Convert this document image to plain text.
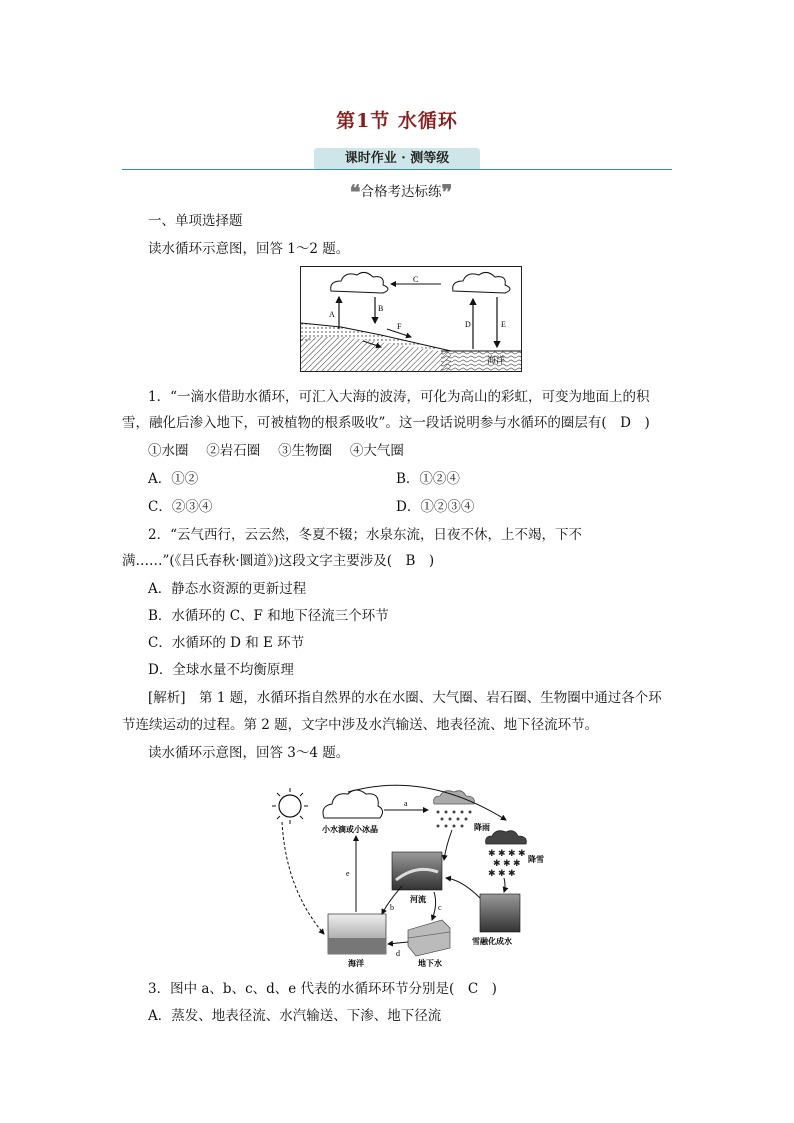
第1节 水循环
课时作业 · 测等级
❝合格考达标练❞
一、单项选择题
读水循环示意图，回答 1～2 题。
C
A
B
F	D	E
海洋
1．“一滴水借助水循环，可汇入大海的波涛，可化为高山的彩虹，可变为地面上的积
雪，融化后渗入地下，可被植物的根系吸收”。这一段话说明参与水循环的圈层有(　D　)
①水圈　 ②岩石圈　 ③生物圈　 ④大气圈
A．①②	B．①②④
C．②③④	D．①②③④
2．“云气西行，云云然，冬夏不辍；水泉东流，日夜不休，上不竭，下不
满……”(《吕氏春秋·圜道》)这段文字主要涉及(　B　)
A．静态水资源的更新过程
B．水循环的 C、F 和地下径流三个环节
C．水循环的 D 和 E 环节
D．全球水量不均衡原理
[解析]　第 1 题，水循环指自然界的水在水圈、大气圈、岩石圈、生物圈中通过各个环
节连续运动的过程。第 2 题，文字中涉及水汽输送、地表径流、地下径流环节。
读水循环示意图，回答 3～4 题。
小水滴或小冰晶	降雨
✱ ✱ ✱ ✱
✱ ✱ ✱
✱ ✱ ✱
降雪
河流
雪融化成水
地下水
海洋
a
e
b	c
d
3．图中 a、b、c、d、e 代表的水循环环节分别是(　C　)
A．蒸发、地表径流、水汽输送、下渗、地下径流
